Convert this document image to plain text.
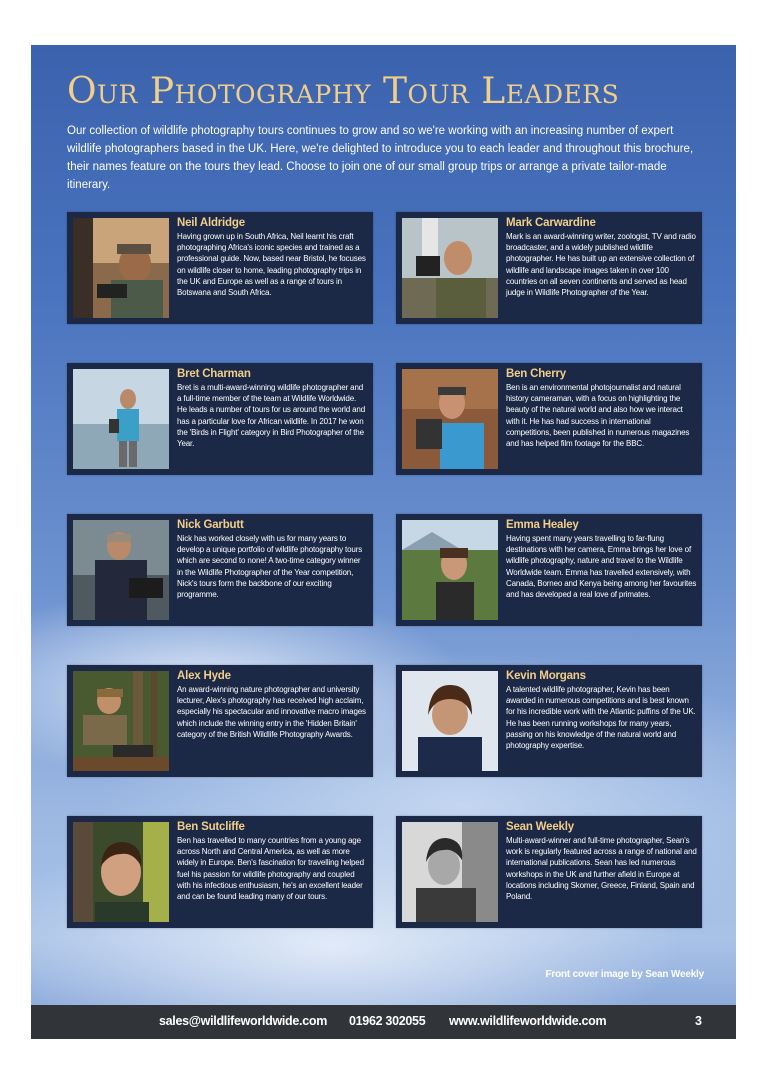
Our Photography Tour Leaders

Our collection of wildlife photography tours continues to grow and so we're working with an increasing number of expert wildlife photographers based in the UK. Here, we're delighted to introduce you to each leader and throughout this brochure, their names feature on the tours they lead. Choose to join one of our small group trips or arrange a private tailor-made itinerary.

Neil Aldridge

Having grown up in South Africa, Neil learnt his craft photographing Africa's iconic species and trained as a professional guide. Now, based near Bristol, he focuses on wildlife closer to home, leading photography trips in the UK and Europe as well as a range of tours in Botswana and South Africa.

Mark Carwardine

Mark is an award-winning writer, zoologist, TV and radio broadcaster, and a widely published wildlife photographer. He has built up an extensive collection of wildlife and landscape images taken in over 100 countries on all seven continents and served as head judge in Wildlife Photographer of the Year.

Bret Charman

Bret is a multi-award-winning wildlife photographer and a full-time member of the team at Wildlife Worldwide. He leads a number of tours for us around the world and has a particular love for African wildlife. In 2017 he won the 'Birds in Flight' category in Bird Photographer of the Year.

Ben Cherry

Ben is an environmental photojournalist and natural history cameraman, with a focus on highlighting the beauty of the natural world and also how we interact with it. He has had success in international competitions, been published in numerous magazines and has helped film footage for the BBC.

Nick Garbutt

Nick has worked closely with us for many years to develop a unique portfolio of wildlife photography tours which are second to none! A two-time category winner in the Wildlife Photographer of the Year competition, Nick's tours form the backbone of our exciting programme.

Emma Healey

Having spent many years travelling to far-flung destinations with her camera, Emma brings her love of wildlife photography, nature and travel to the Wildlife Worldwide team. Emma has travelled extensively, with Canada, Borneo and Kenya being among her favourites and has developed a real love of primates.

Alex Hyde

An award-winning nature photographer and university lecturer, Alex's photography has received high acclaim, especially his spectacular and innovative macro images which include the winning entry in the 'Hidden Britain' category of the British Wildlife Photography Awards.

Kevin Morgans

A talented wildlife photographer, Kevin has been awarded in numerous competitions and is best known for his incredible work with the Atlantic puffins of the UK. He has been running workshops for many years, passing on his knowledge of the natural world and photography expertise.

Ben Sutcliffe

Ben has travelled to many countries from a young age across North and Central America, as well as more widely in Europe. Ben's fascination for travelling helped fuel his passion for wildlife photography and coupled with his infectious enthusiasm, he's an excellent leader and can be found leading many of our tours.

Sean Weekly

Multi-award-winner and full-time photographer, Sean's work is regularly featured across a range of national and international publications. Sean has led numerous workshops in the UK and further afield in Europe at locations including Skomer, Greece, Finland, Spain and Poland.

Front cover image by Sean Weekly
sales@wildlifeworldwide.com 01962 302055 www.wildlifeworldwide.com	3
